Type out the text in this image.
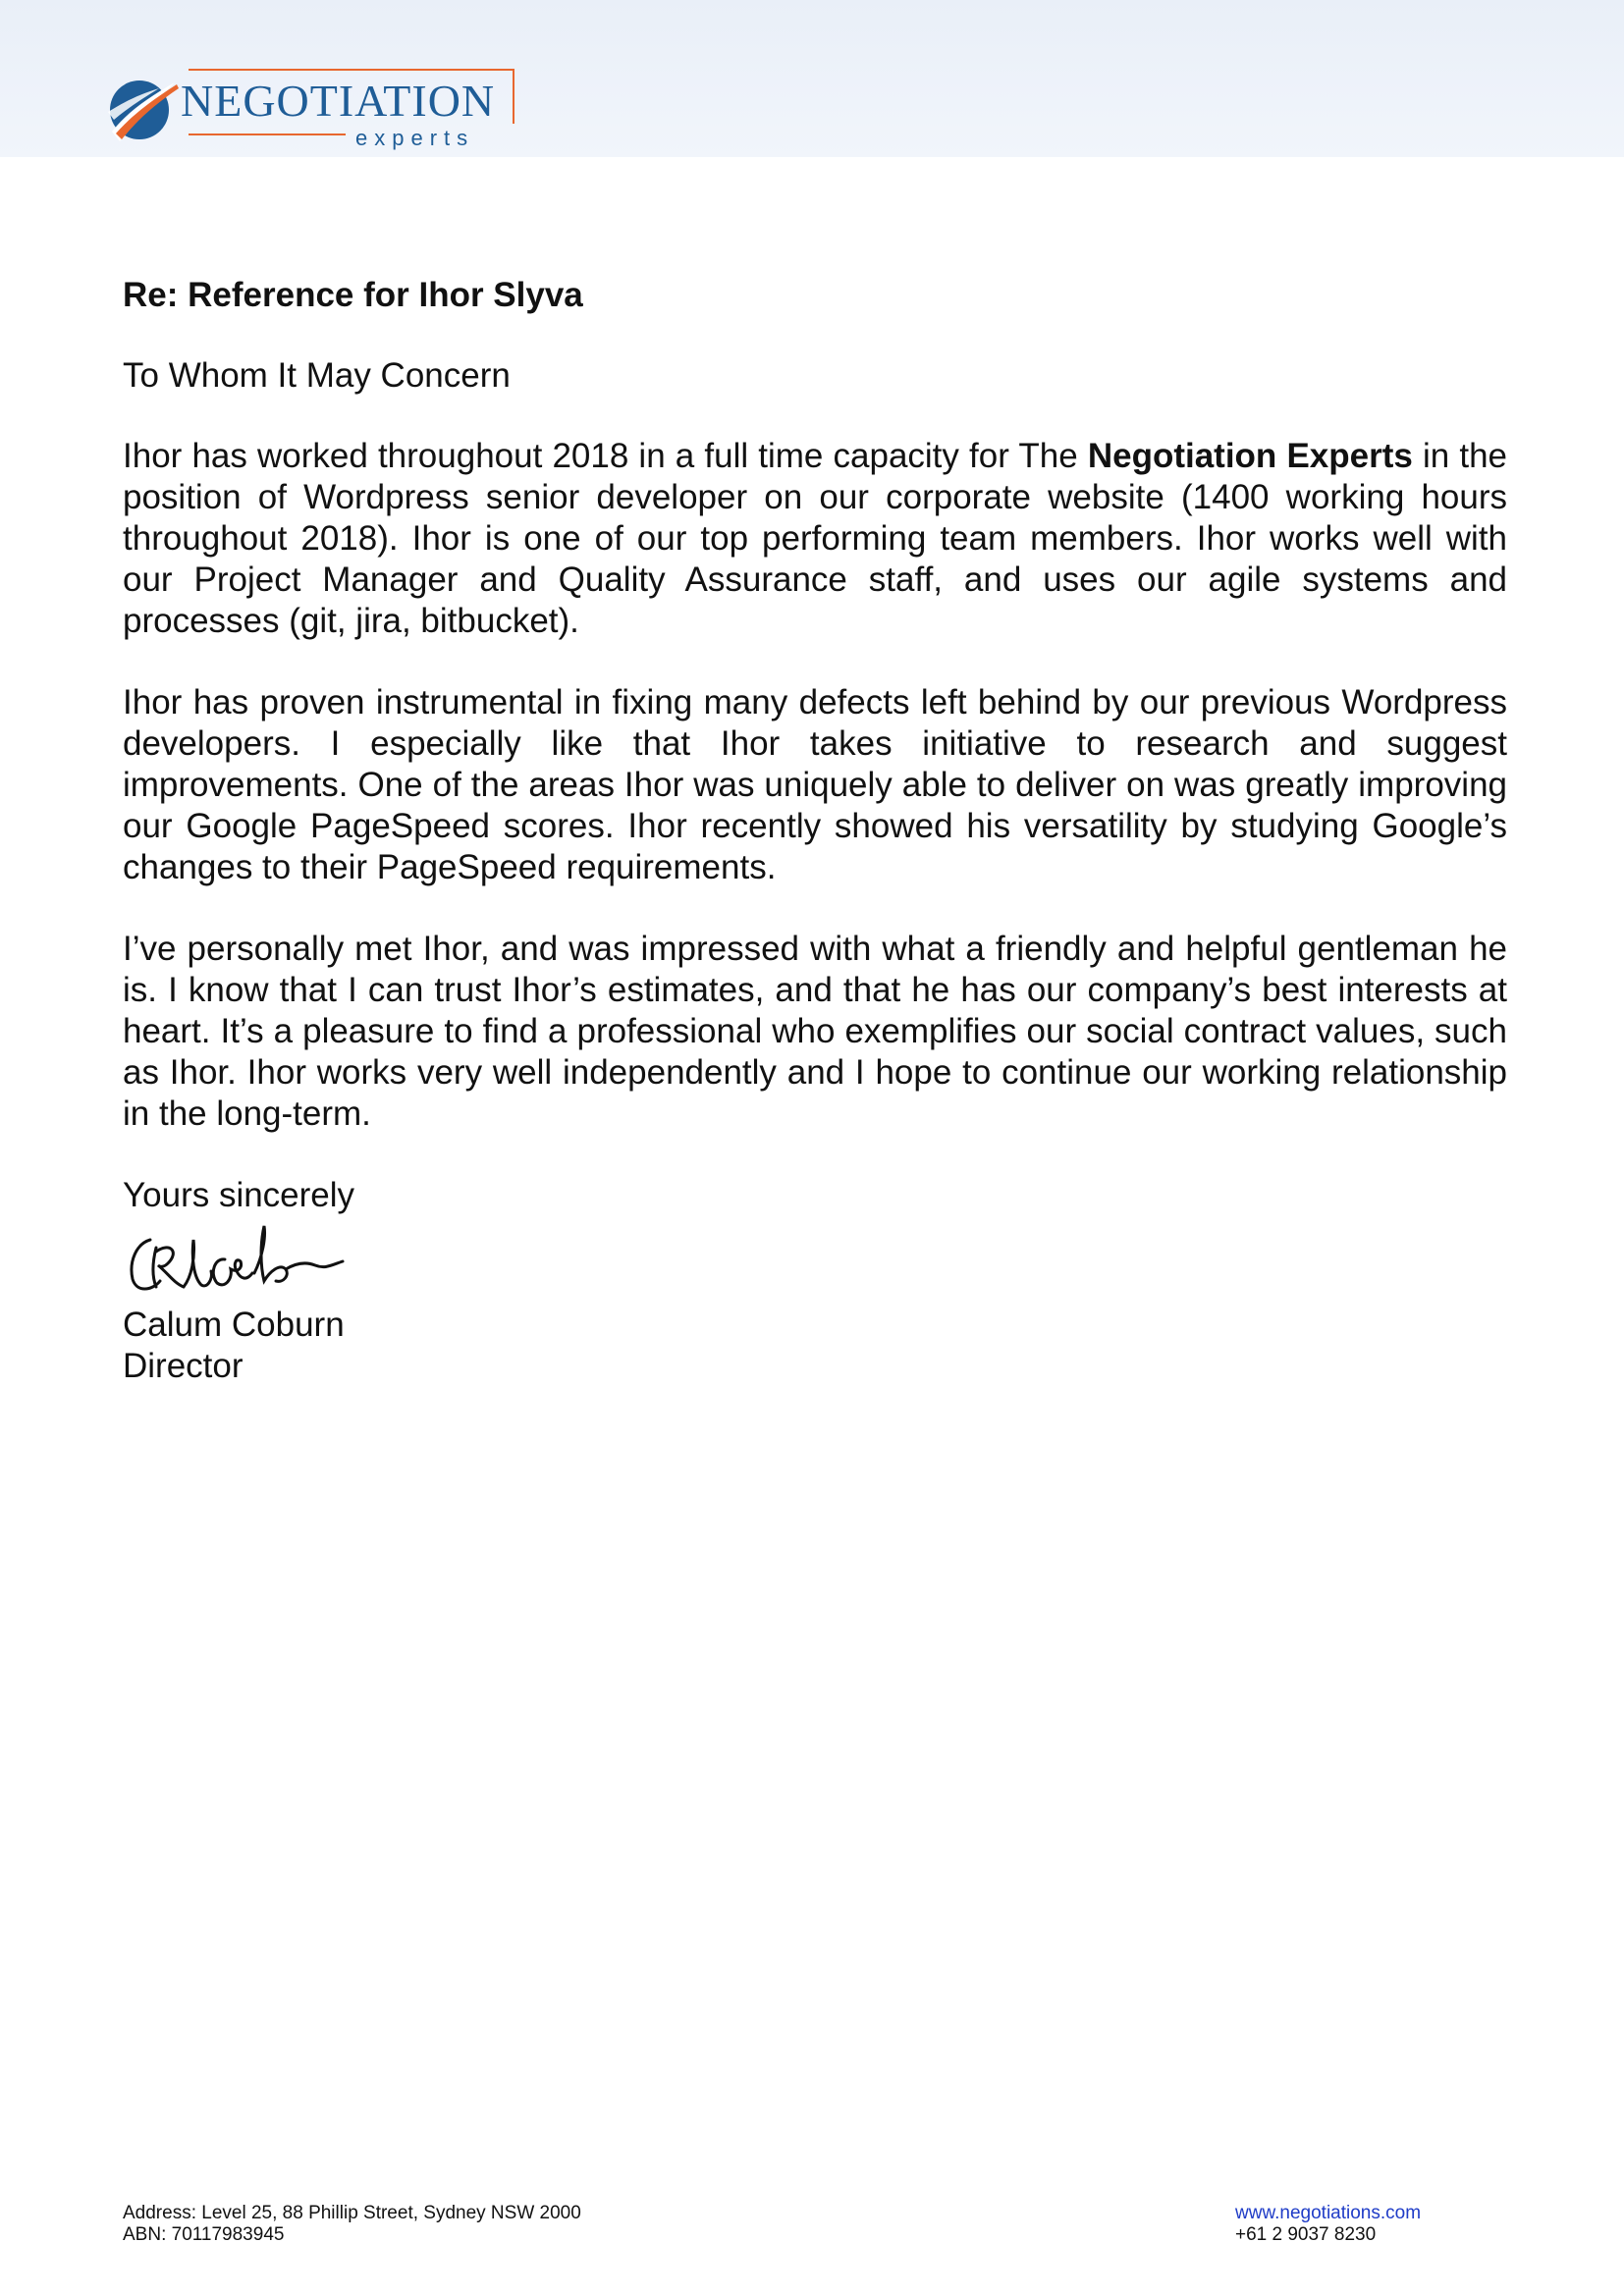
NEGOTIATION
experts
Re: Reference for Ihor Slyva
To Whom It May Concern
Ihor has worked throughout 2018 in a full time capacity for The Negotiation Experts in the position of Wordpress senior developer on our corporate website (1400 working hours throughout 2018). Ihor is one of our top performing team members. Ihor works well with our Project Manager and Quality Assurance staff, and uses our agile systems and processes (git, jira, bitbucket).
Ihor has proven instrumental in fixing many defects left behind by our previous Wordpress developers. I especially like that Ihor takes initiative to research and suggest improvements. One of the areas Ihor was uniquely able to deliver on was greatly improving our Google PageSpeed scores. Ihor recently showed his versatility by studying Google’s changes to their PageSpeed requirements.
I’ve personally met Ihor, and was impressed with what a friendly and helpful gentleman he is. I know that I can trust Ihor’s estimates, and that he has our company’s best interests at heart. It’s a pleasure to find a professional who exemplifies our social contract values, such as Ihor. Ihor works very well independently and I hope to continue our working relationship in the long-term.
Yours sincerely
Calum Coburn
Director
Address: Level 25, 88 Phillip Street, Sydney NSW 2000
ABN: 70117983945
www.negotiations.com
+61 2 9037 8230
